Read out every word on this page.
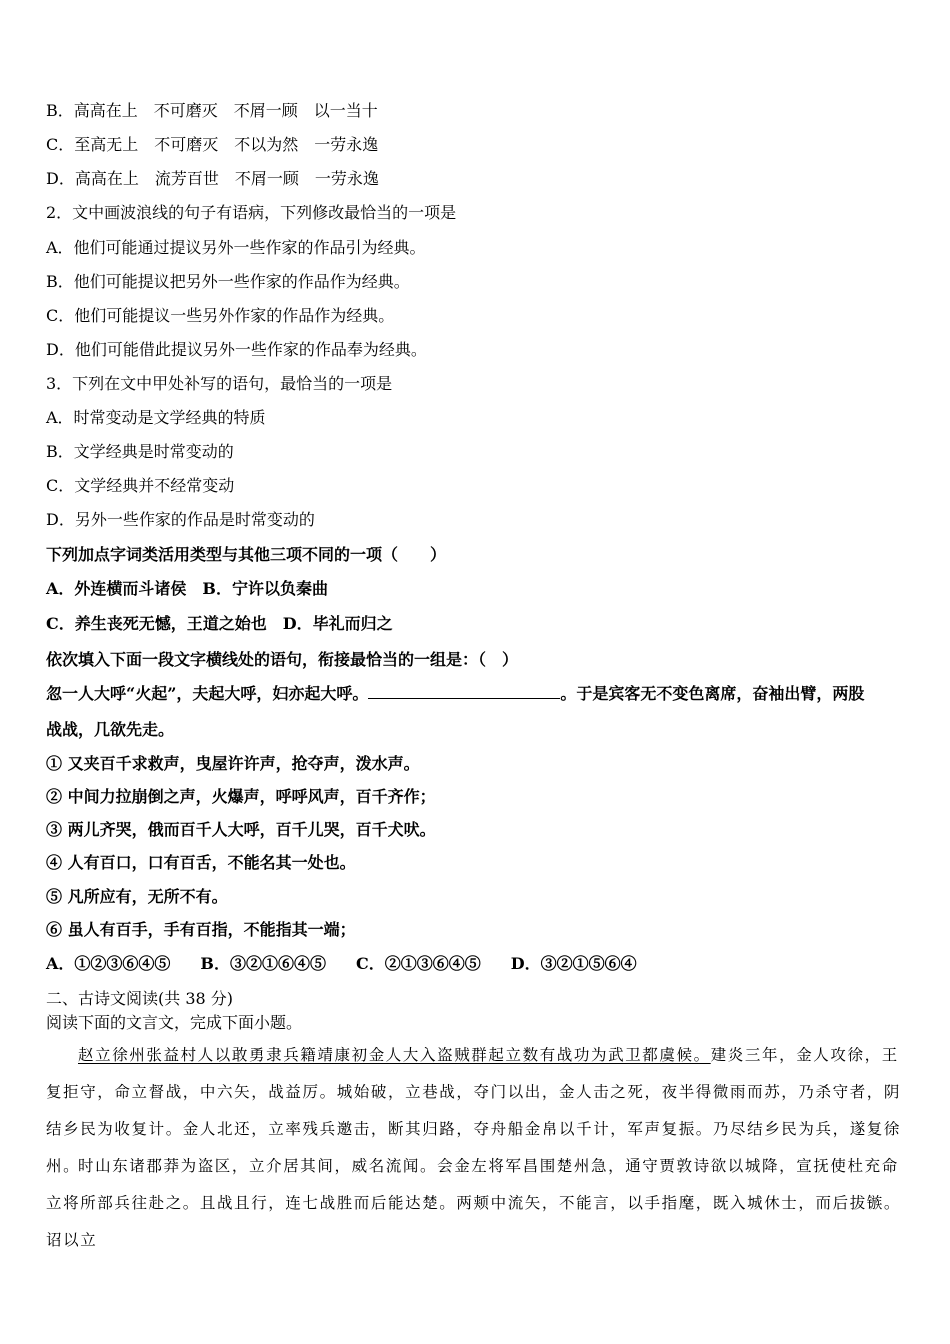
B．高高在上　不可磨灭　不屑一顾　以一当十
C．至高无上　不可磨灭　不以为然　一劳永逸
D．高高在上　流芳百世　不屑一顾　一劳永逸
2．文中画波浪线的句子有语病，下列修改最恰当的一项是
A．他们可能通过提议另外一些作家的作品引为经典。
B．他们可能提议把另外一些作家的作品作为经典。
C．他们可能提议一些另外作家的作品作为经典。
D．他们可能借此提议另外一些作家的作品奉为经典。
3．下列在文中甲处补写的语句，最恰当的一项是
A．时常变动是文学经典的特质
B．文学经典是时常变动的
C．文学经典并不经常变动
D．另外一些作家的作品是时常变动的
下列加点字词类活用类型与其他三项不同的一项（　　）
A．外连横而斗诸侯 B．宁许以负秦曲
C．养生丧死无憾，王道之始也 D．毕礼而归之
依次填入下面一段文字横线处的语句，衔接最恰当的一组是：（　）
忽一人大呼“火起”，夫起大呼，妇亦起大呼。	。于是宾客无不变色离席，奋袖出臂，两股
战战，几欲先走。
① 又夹百千求救声，曳屋许许声，抢夺声，泼水声。
② 中间力拉崩倒之声，火爆声，呼呼风声，百千齐作；
③ 两儿齐哭，俄而百千人大呼，百千儿哭，百千犬吠。
④ 人有百口，口有百舌，不能名其一处也。
⑤ 凡所应有，无所不有。
⑥ 虽人有百手，手有百指，不能指其一端；
A．①②③⑥④⑤ B．③②①⑥④⑤ C．②①③⑥④⑤ D．③②①⑤⑥④
二、古诗文阅读(共 38 分)
阅读下面的文言文，完成下面小题。
赵立徐州张益村人以敢勇隶兵籍靖康初金人大入盗贼群起立数有战功为武卫都虞候。建炎三年，金人攻徐，王复拒守，命立督战，中六矢，战益厉。城始破，立巷战，夺门以出，金人击之死，夜半得微雨而苏，乃杀守者，阴结乡民为收复计。金人北还，立率残兵邀击，断其归路，夺舟船金帛以千计，军声复振。乃尽结乡民为兵，遂复徐州。
时山东诸郡莽为盗区，立介居其间，威名流闻。会金左将军昌围楚州急，通守贾敦诗欲以城降，宣抚使杜充命立将所部兵往赴之。且战且行，连七战胜而后能达楚。两颊中流矢，不能言，以手指麾，既入城休士，而后拔镞。诏以立
